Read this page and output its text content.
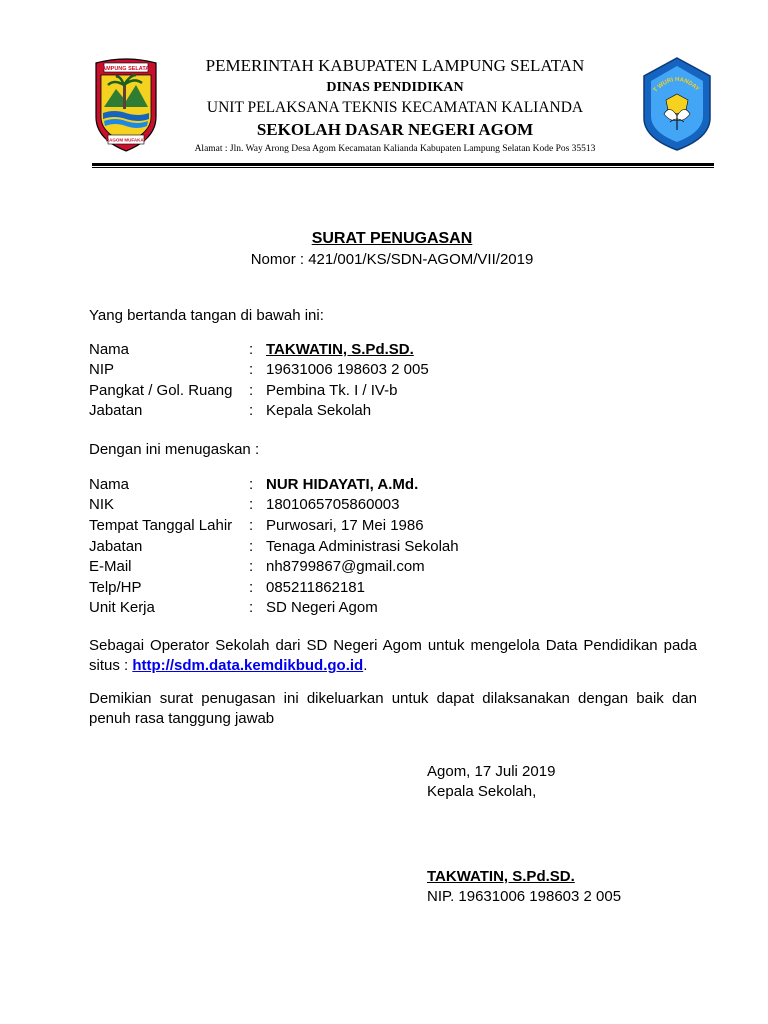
LAMPUNG SELATAN
RAGOM MUFAKAT
PEMERINTAH KABUPATEN LAMPUNG SELATAN
DINAS PENDIDIKAN
UNIT PELAKSANA TEKNIS KECAMATAN KALIANDA
SEKOLAH DASAR NEGERI AGOM
Alamat : Jln. Way Arong Desa Agom Kecamatan Kalianda Kabupaten Lampung Selatan Kode Pos 35513
T WURI HANDAY
SURAT PENUGASAN
Nomor : 421/001/KS/SDN-AGOM/VII/2019
Yang bertanda tangan di bawah ini:
Nama	: TAKWATIN, S.Pd.SD.
NIP	: 19631006 198603 2 005
Pangkat / Gol. Ruang : Pembina Tk. I / IV-b
Jabatan	: Kepala Sekolah
Dengan ini menugaskan :
Nama	: NUR HIDAYATI, A.Md.
NIK	: 1801065705860003
Tempat Tanggal Lahir : Purwosari, 17 Mei 1986
Jabatan	: Tenaga Administrasi Sekolah
E-Mail	: nh8799867@gmail.com
Telp/HP	: 085211862181
Unit Kerja	: SD Negeri Agom
Sebagai Operator Sekolah dari SD Negeri Agom untuk mengelola Data Pendidikan pada situs : http://sdm.data.kemdikbud.go.id.
Demikian surat penugasan ini dikeluarkan untuk dapat dilaksanakan dengan baik dan penuh rasa tanggung jawab
Agom, 17 Juli 2019
Kepala Sekolah,
TAKWATIN, S.Pd.SD.
NIP. 19631006 198603 2 005
